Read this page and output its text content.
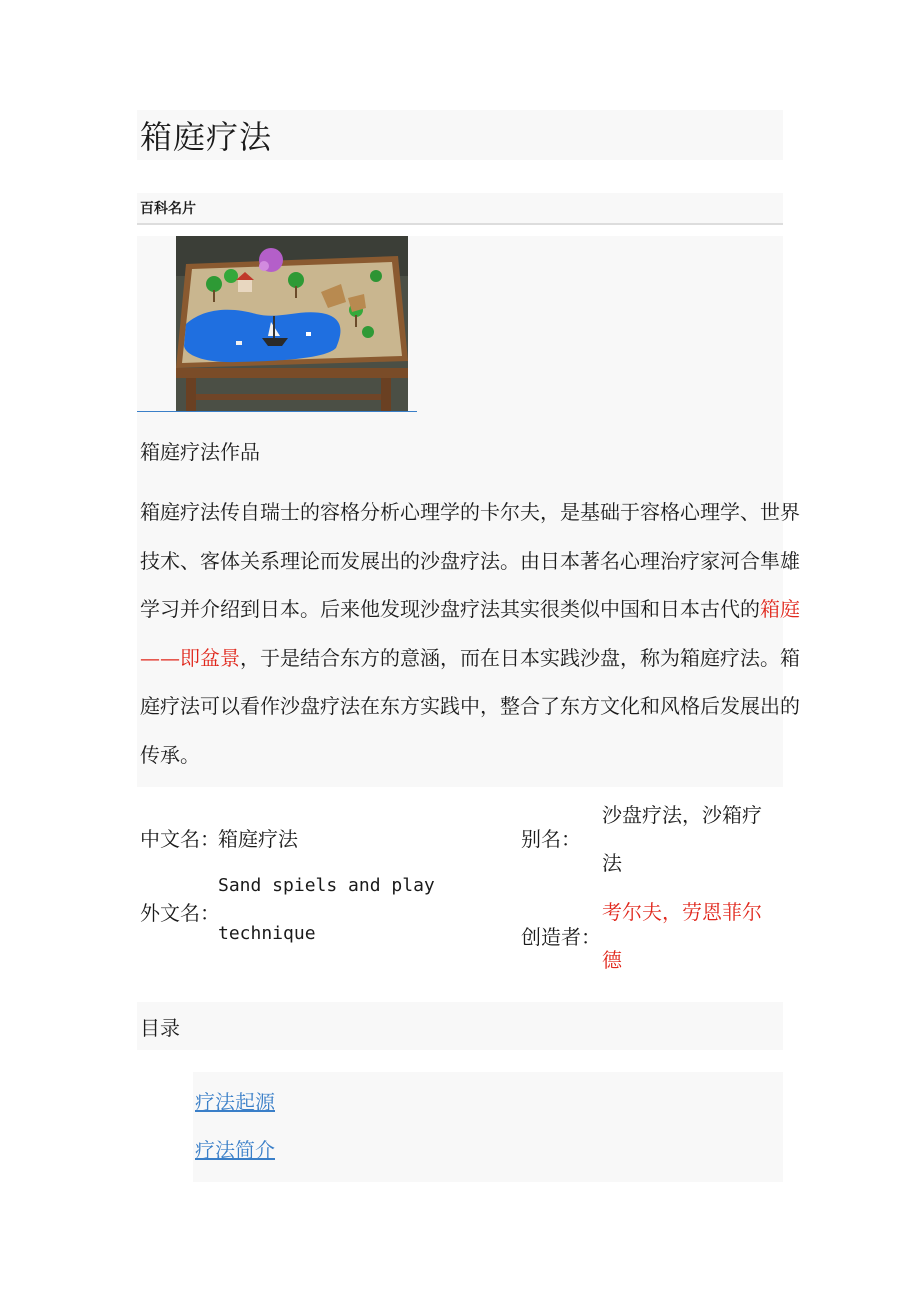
箱庭疗法
百科名片
箱庭疗法作品
箱庭疗法传自瑞士的容格分析心理学的卡尔夫，是基础于容格心理学、世界技术、客体关系理论而发展出的沙盘疗法。由日本著名心理治疗家河合隼雄学习并介绍到日本。后来他发现沙盘疗法其实很类似中国和日本古代的箱庭——即盆景，于是结合东方的意涵，而在日本实践沙盘，称为箱庭疗法。箱庭疗法可以看作沙盘疗法在东方实践中，整合了东方文化和风格后发展出的传承。
中文名：
箱庭疗法
外文名：
Sand spiels and play
technique
别名：
沙盘疗法，沙箱疗
法
创造者：
考尔夫，劳恩菲尔
德
目录
疗法起源
疗法简介
